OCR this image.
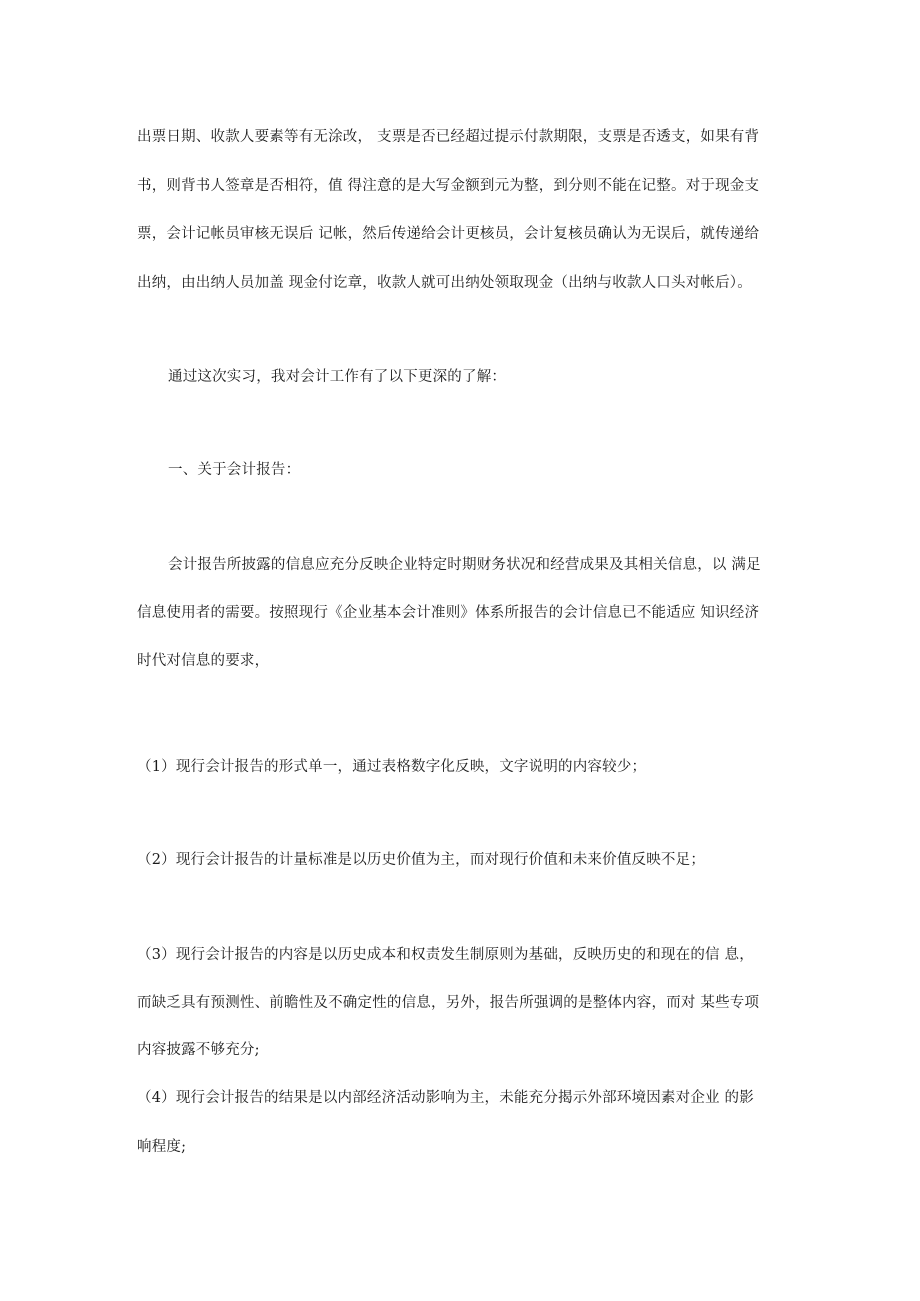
出票日期、收款人要素等有无涂改， 支票是否已经超过提示付款期限，支票是否透支，如果有背
书，则背书人签章是否相符，值 得注意的是大写金额到元为整，到分则不能在记整。对于现金支
票，会计记帐员审核无误后 记帐，然后传递给会计更核员，会计复核员确认为无误后，就传递给
出纳，由出纳人员加盖 现金付讫章，收款人就可出纳处领取现金（出纳与收款人口头对帐后）。
通过这次实习，我对会计工作有了以下更深的了解：
一、关于会计报告：
会计报告所披露的信息应充分反映企业特定时期财务状况和经营成果及其相关信息，以 满足
信息使用者的需要。按照现行《企业基本会计准则》体系所报告的会计信息已不能适应 知识经济
时代对信息的要求，
（1）现行会计报告的形式单一，通过表格数字化反映，文字说明的内容较少；
（2）现行会计报告的计量标准是以历史价值为主，而对现行价值和未来价值反映不足；
（3）现行会计报告的内容是以历史成本和权责发生制原则为基础，反映历史的和现在的信 息，
而缺乏具有预测性、前瞻性及不确定性的信息，另外，报告所强调的是整体内容，而对 某些专项
内容披露不够充分;
（4）现行会计报告的结果是以内部经济活动影响为主，未能充分揭示外部环境因素对企业 的影
响程度;
